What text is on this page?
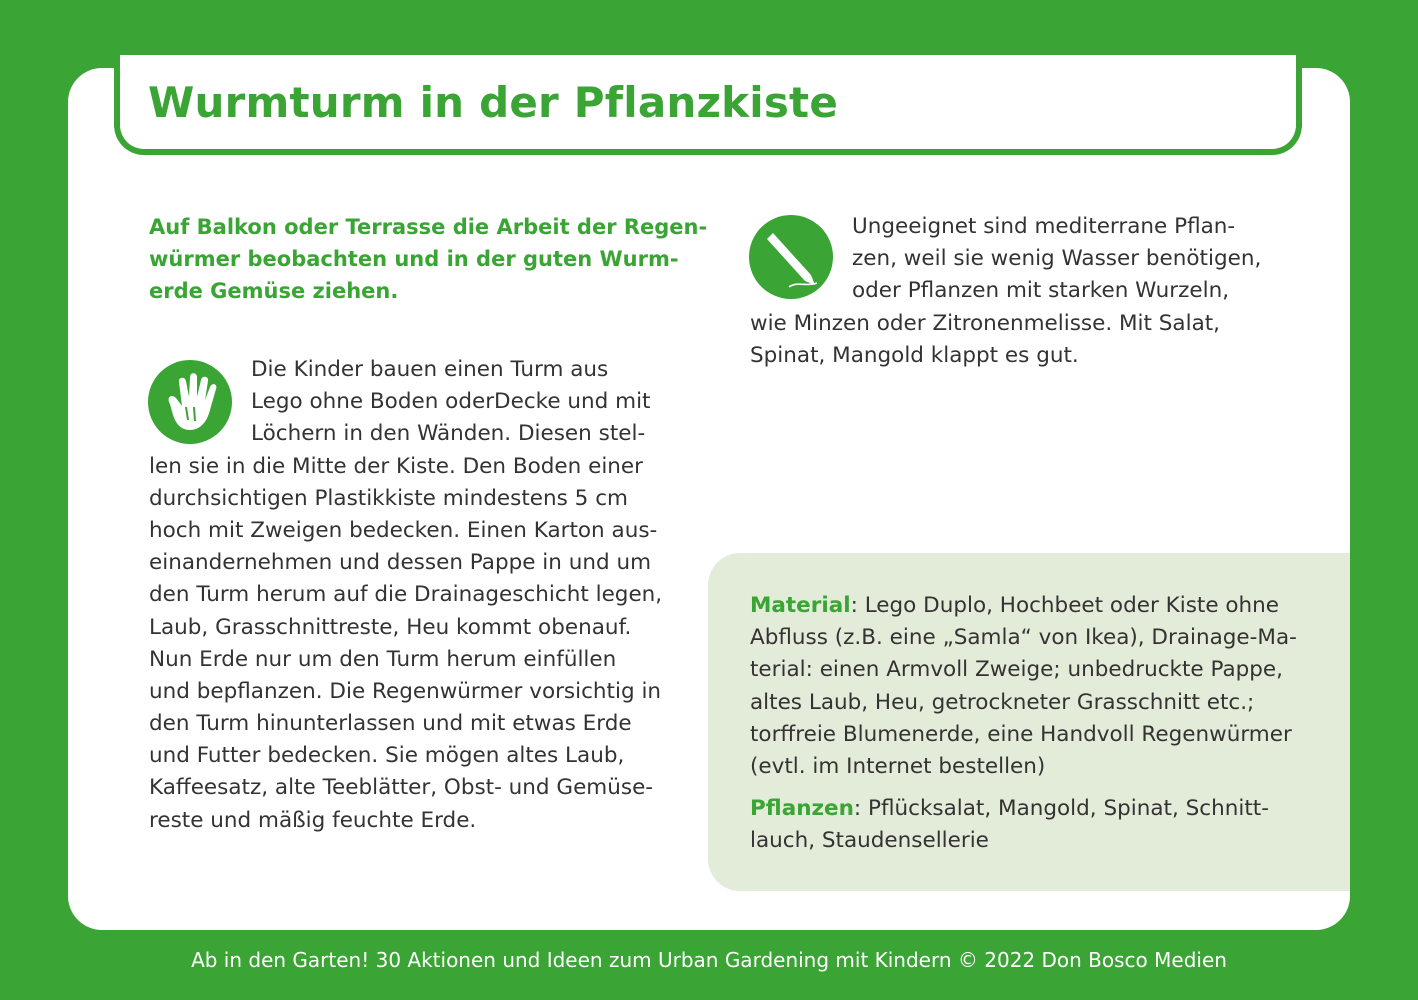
Wurmturm in der Pflanzkiste
Auf Balkon oder Terrasse die Arbeit der Regen-
würmer beobachten und in der guten Wurm-
erde Gemüse ziehen.
Die Kinder bauen einen Turm aus
Lego ohne Boden oderDecke und mit
Löchern in den Wänden. Diesen stel-
len sie in die Mitte der Kiste. Den Boden einer
durchsichtigen Plastikkiste mindestens 5 cm
hoch mit Zweigen bedecken. Einen Karton aus-
einandernehmen und dessen Pappe in und um
den Turm herum auf die Drainageschicht legen,
Laub, Grasschnittreste, Heu kommt obenauf.
Nun Erde nur um den Turm herum einfüllen
und bepflanzen. Die Regenwürmer vorsichtig in
den Turm hinunterlassen und mit etwas Erde
und Futter bedecken. Sie mögen altes Laub,
Kaffeesatz, alte Teeblätter, Obst- und Gemüse-
reste und mäßig feuchte Erde.
Ungeeignet sind mediterrane Pflan-
zen, weil sie wenig Wasser benötigen,
oder Pflanzen mit starken Wurzeln,
wie Minzen oder Zitronenmelisse. Mit Salat,
Spinat, Mangold klappt es gut.
Material: Lego Duplo, Hochbeet oder Kiste ohne
Abfluss (z.B. eine „Samla“ von Ikea), Drainage-Ma-
terial: einen Armvoll Zweige; unbedruckte Pappe,
altes Laub, Heu, getrockneter Grasschnitt etc.;
torffreie Blumenerde, eine Handvoll Regenwürmer
(evtl. im Internet bestellen)
Pflanzen: Pflücksalat, Mangold, Spinat, Schnitt-
lauch, Staudensellerie
Ab in den Garten! 30 Aktionen und Ideen zum Urban Gardening mit Kindern © 2022 Don Bosco Medien
